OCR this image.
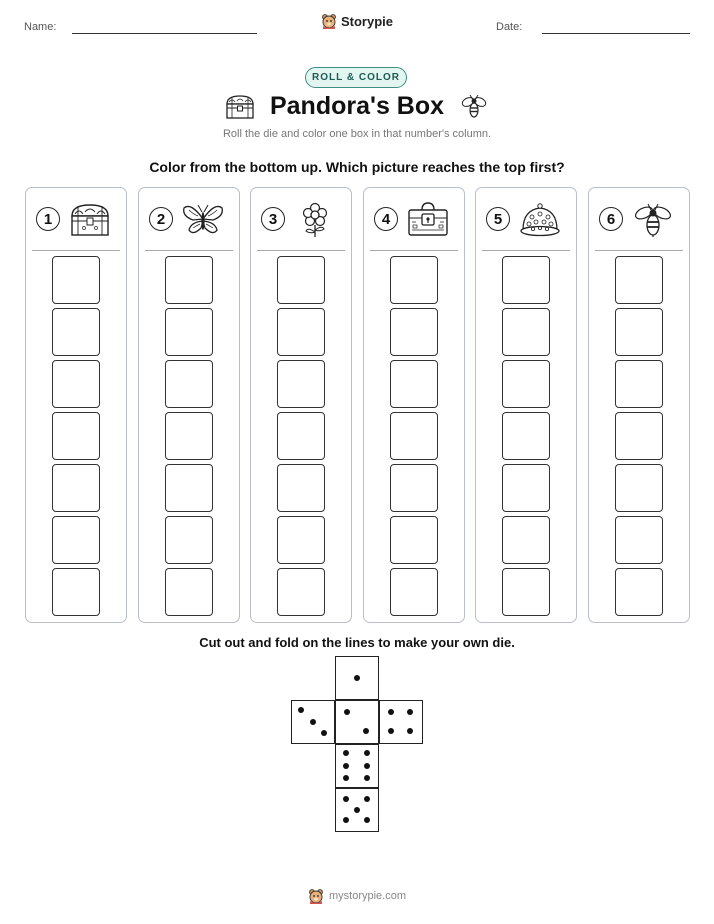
Name:	Storypie	Date:
ROLL & COLOR
Pandora's Box
Roll the die and color one box in that number's column.
Color from the bottom up. Which picture reaches the top first?
1	2	3	4	5	6
Cut out and fold on the lines to make your own die.
mystorypie.com
